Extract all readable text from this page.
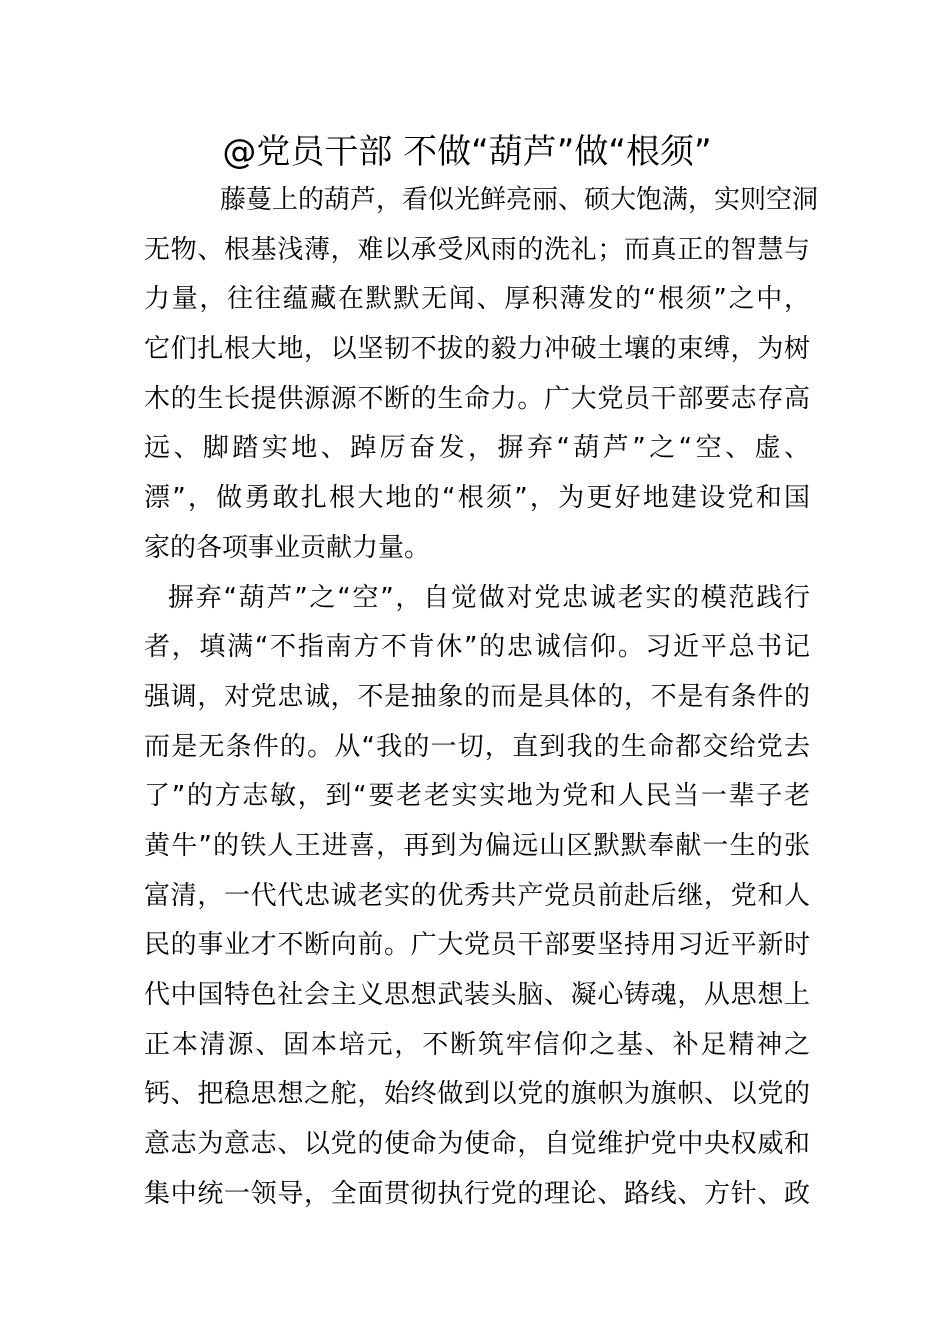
@党员干部 不做“葫芦”做“根须”
藤蔓上的葫芦，看似光鲜亮丽、硕大饱满，实则空洞
无物、根基浅薄，难以承受风雨的洗礼；而真正的智慧与
力量，往往蕴藏在默默无闻、厚积薄发的“根须”之中，
它们扎根大地，以坚韧不拔的毅力冲破土壤的束缚，为树
木的生长提供源源不断的生命力。广大党员干部要志存高
远、脚踏实地、踔厉奋发，摒弃“葫芦”之“空、虚、
漂”，做勇敢扎根大地的“根须”，为更好地建设党和国
家的各项事业贡献力量。
摒弃“葫芦”之“空”，自觉做对党忠诚老实的模范践行
者，填满“不指南方不肯休”的忠诚信仰。习近平总书记
强调，对党忠诚，不是抽象的而是具体的，不是有条件的
而是无条件的。从“我的一切，直到我的生命都交给党去
了”的方志敏，到“要老老实实地为党和人民当一辈子老
黄牛”的铁人王进喜，再到为偏远山区默默奉献一生的张
富清，一代代忠诚老实的优秀共产党员前赴后继，党和人
民的事业才不断向前。广大党员干部要坚持用习近平新时
代中国特色社会主义思想武装头脑、凝心铸魂，从思想上
正本清源、固本培元，不断筑牢信仰之基、补足精神之
钙、把稳思想之舵，始终做到以党的旗帜为旗帜、以党的
意志为意志、以党的使命为使命，自觉维护党中央权威和
集中统一领导，全面贯彻执行党的理论、路线、方针、政
